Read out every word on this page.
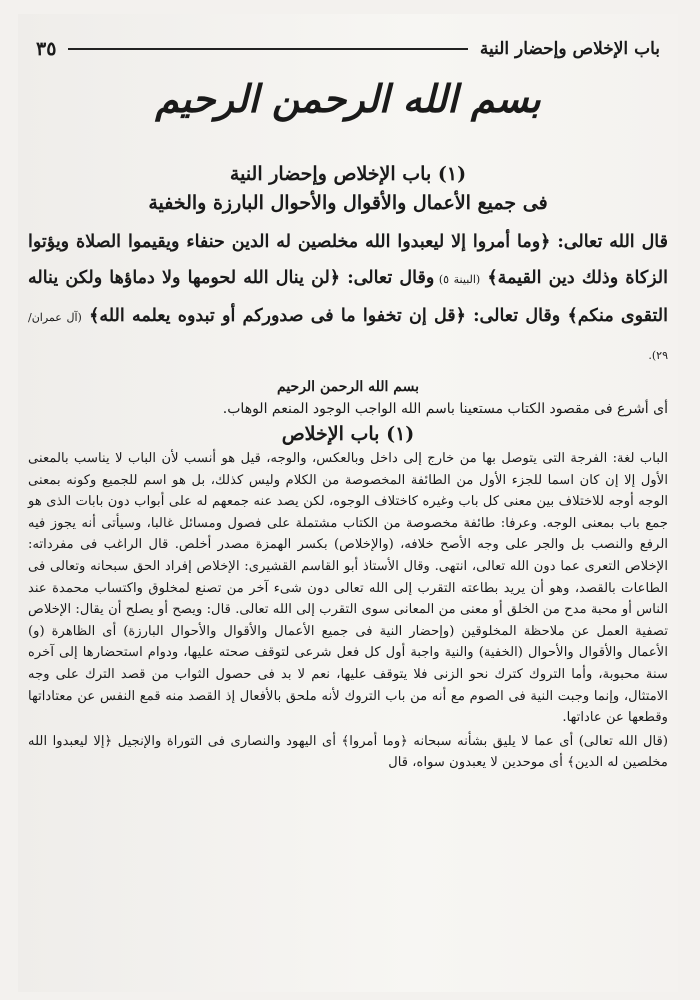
باب الإخلاص وإحضار النية
٣٥
بسم الله الرحمن الرحيم

(١) باب الإخلاص وإحضار النية

فى جميع الأعمال والأقوال والأحوال البارزة والخفية

قال الله تعالى: ﴿وما أمروا إلا ليعبدوا الله مخلصين له الدين حنفاء ويقيموا الصلاة ويؤتوا الزكاة وذلك دين القيمة﴾ (البينة ٥) وقال تعالى: ﴿لن ينال الله لحومها ولا دماؤها ولكن يناله التقوى منكم﴾ وقال تعالى: ﴿قل إن تخفوا ما فى صدوركم أو تبدوه يعلمه الله﴾ (آل عمران/ ٢٩).

بسم الله الرحمن الرحيم

أى أشرع فى مقصود الكتاب مستعينا باسم الله الواجب الوجود المنعم الوهاب.

(١) باب الإخلاص

الباب لغة: الفرجة التى يتوصل بها من خارج إلى داخل وبالعكس، والوجه، قيل هو أنسب لأن الباب لا يناسب بالمعنى الأول إلا إن كان اسما للجزء الأول من الطائفة المخصوصة من الكلام وليس كذلك، بل هو اسم للجميع وكونه بمعنى الوجه أوجه للاختلاف بين معنى كل باب وغيره كاختلاف الوجوه، لكن يصد عنه جمعهم له على أبواب دون بابات الذى هو جمع باب بمعنى الوجه. وعرفا: طائفة مخصوصة من الكتاب مشتملة على فصول ومسائل غالبا، وسيأتى أنه يجوز فيه الرفع والنصب بل والجر على وجه الأصح خلافه، (والإخلاص) بكسر الهمزة مصدر أخلص. قال الراغب فى مفرداته: الإخلاص التعرى عما دون الله تعالى، انتهى. وقال الأستاذ أبو القاسم القشيرى: الإخلاص إفراد الحق سبحانه وتعالى فى الطاعات بالقصد، وهو أن يريد بطاعته التقرب إلى الله تعالى دون شىء آخر من تصنع لمخلوق واكتساب محمدة عند الناس أو محبة مدح من الخلق أو معنى من المعانى سوى التقرب إلى الله تعالى. قال: ويصح أو يصلح أن يقال: الإخلاص تصفية العمل عن ملاحظة المخلوقين (وإحضار النية فى جميع الأعمال والأقوال والأحوال البارزة) أى الظاهرة (و) الأعمال والأقوال والأحوال (الخفية) والنية واجبة أول كل فعل شرعى لتوقف صحته عليها، ودوام استحضارها إلى آخره سنة محبوبة، وأما التروك كترك نحو الزنى فلا يتوقف عليها، نعم لا بد فى حصول الثواب من قصد الترك على وجه الامتثال، وإنما وجبت النية فى الصوم مع أنه من باب التروك لأنه ملحق بالأفعال إذ القصد منه قمع النفس عن معتاداتها وقطعها عن عاداتها.

(قال الله تعالى) أى عما لا يليق بشأنه سبحانه ﴿وما أمروا﴾ أى اليهود والنصارى فى التوراة والإنجيل ﴿إلا ليعبدوا الله مخلصين له الدين﴾ أى موحدين لا يعبدون سواه، قال
